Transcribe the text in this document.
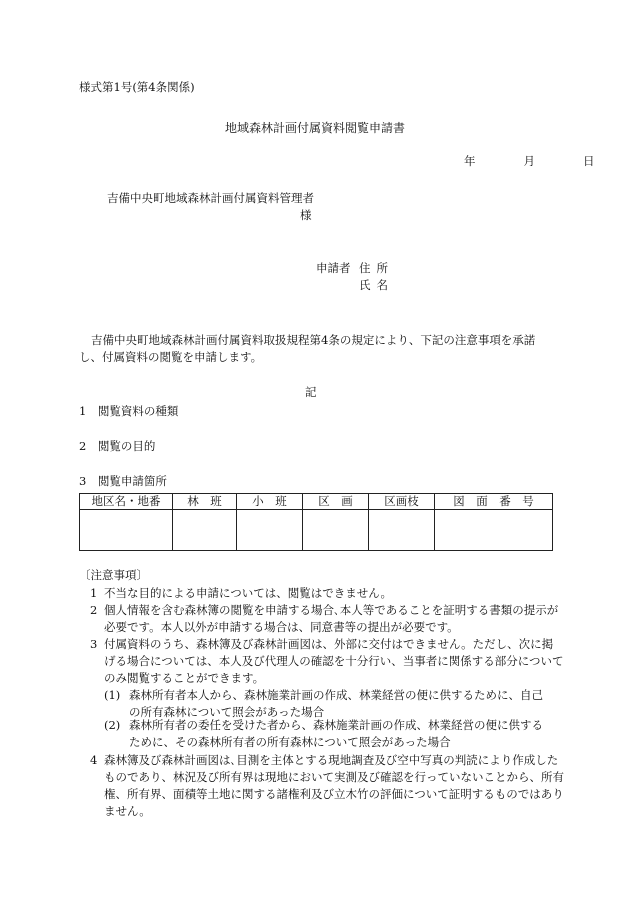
様式第1号(第4条関係)
地域森林計画付属資料閲覧申請書
年	月	日
吉備中央町地域森林計画付属資料管理者
様
申請者 住所
氏名
吉備中央町地域森林計画付属資料取扱規程第4条の規定により、下記の注意事項を承諾し、付属資料の閲覧を申請します。
記
1　閲覧資料の種類
2　閲覧の目的
3　閲覧申請箇所
地区名・地番	林　班	小　班	区　画	区画枝	図　面　番　号

〔注意事項〕
1 不当な目的による申請については、閲覧はできません。
2 個人情報を含む森林簿の閲覧を申請する場合､本人等であることを証明する書類の提示が必要です。本人以外が申請する場合は、同意書等の提出が必要です。
3 付属資料のうち、森林簿及び森林計画図は、外部に交付はできません。ただし、次に掲げる場合については、本人及び代理人の確認を十分行い、当事者に関係する部分についてのみ閲覧することができます。
(1) 森林所有者本人から、森林施業計画の作成、林業経営の便に供するために、自己の所有森林について照会があった場合
(2) 森林所有者の委任を受けた者から、森林施業計画の作成、林業経営の便に供するために、その森林所有者の所有森林について照会があった場合
4 森林簿及び森林計画図は､目測を主体とする現地調査及び空中写真の判読により作成したものであり、林況及び所有界は現地において実測及び確認を行っていないことから、所有権、所有界、面積等土地に関する諸権利及び立木竹の評価について証明するものではありません。
